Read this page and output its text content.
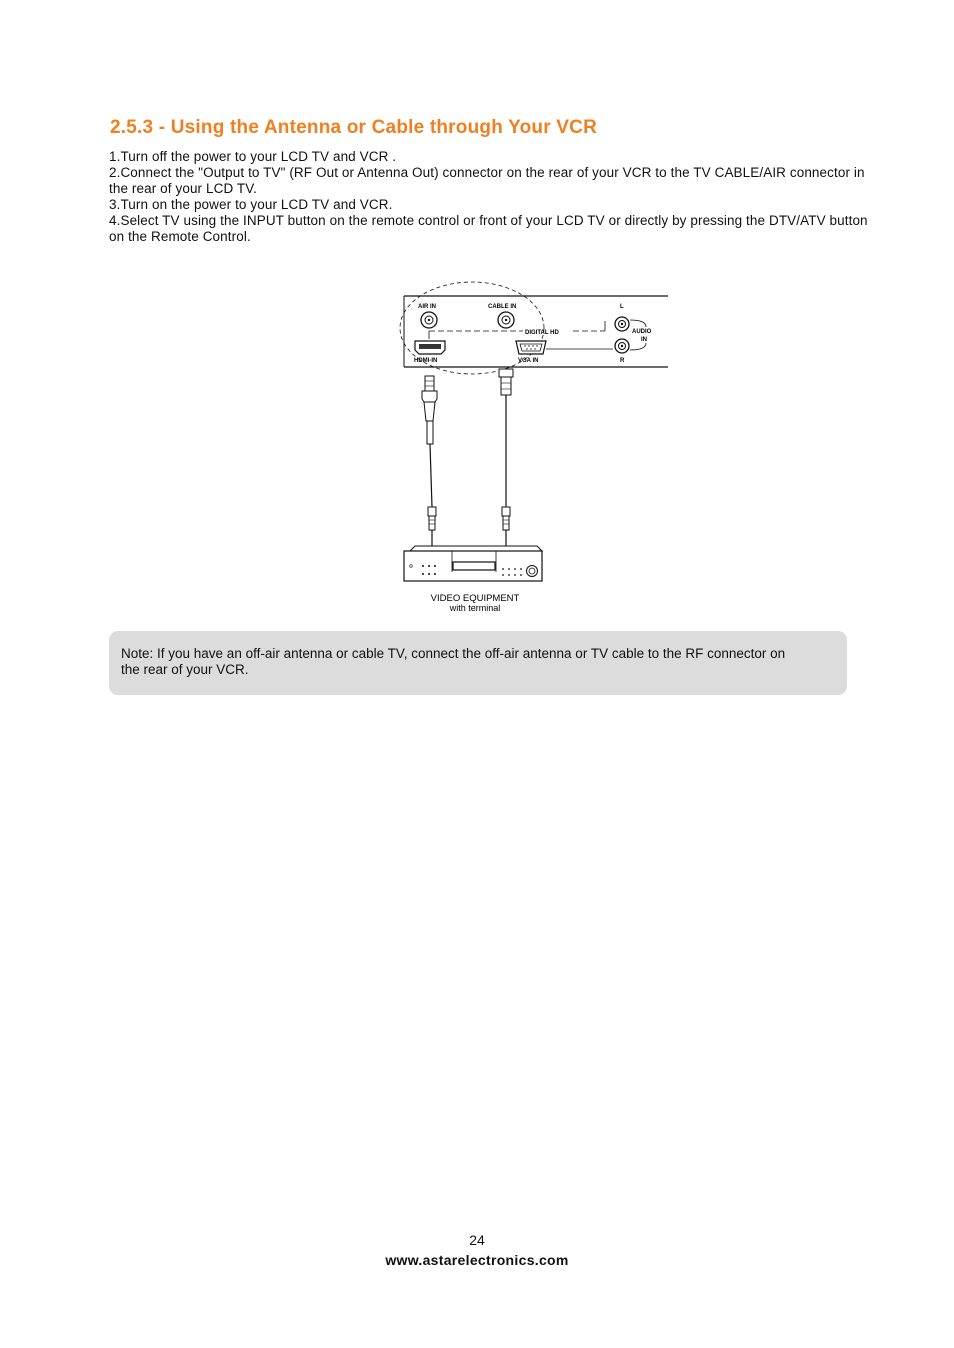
2.5.3 - Using the Antenna or Cable through Your VCR

1.Turn off the power to your LCD TV and VCR .

2.Connect the "Output to TV" (RF Out or Antenna Out) connector on the rear of your VCR to the TV CABLE/AIR connector in the rear of your LCD TV.

3.Turn on the power to your LCD TV and VCR.

4.Select TV using the INPUT button on the remote control or front of your LCD TV or directly by pressing the DTV/ATV button on the Remote Control.

AIR IN	CABLE IN
DIGITAL HD
L
AUDIO
IN
HDMI-IN	VGA IN	R
VIDEO EQUIPMENT
with terminal
Note: If you have an off-air antenna or cable TV, connect the off-air antenna or TV cable to the RF connector on the rear of your VCR.
24
www.astarelectronics.com
